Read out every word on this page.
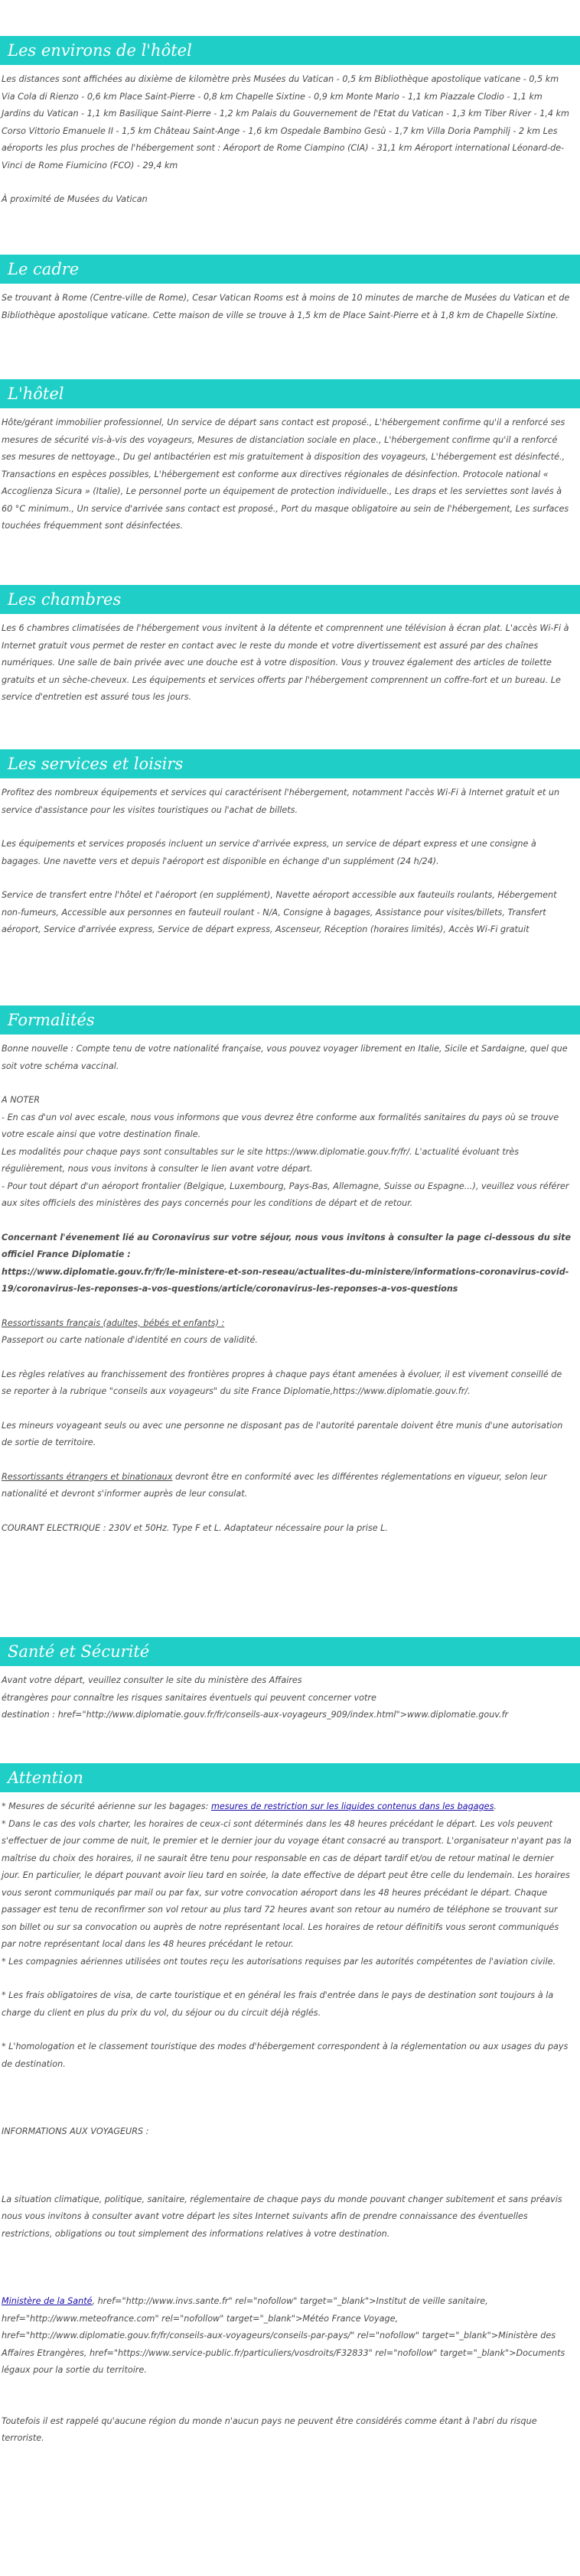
Les environs de l'hôtel

Les distances sont affichées au dixième de kilomètre près Musées du Vatican - 0,5 km Bibliothèque apostolique vaticane - 0,5 km Via Cola di Rienzo - 0,6 km Place Saint-Pierre - 0,8 km Chapelle Sixtine - 0,9 km Monte Mario - 1,1 km Piazzale Clodio - 1,1 km Jardins du Vatican - 1,1 km Basilique Saint-Pierre - 1,2 km Palais du Gouvernement de l'Etat du Vatican - 1,3 km Tiber River - 1,4 km Corso Vittorio Emanuele II - 1,5 km Château Saint-Ange - 1,6 km Ospedale Bambino Gesù - 1,7 km Villa Doria Pamphilj - 2 km Les aéroports les plus proches de l'hébergement sont : Aéroport de Rome Ciampino (CIA) - 31,1 km Aéroport international Léonard-de-Vinci de Rome Fiumicino (FCO) - 29,4 km

À proximité de Musées du Vatican

Le cadre

Se trouvant à Rome (Centre-ville de Rome), Cesar Vatican Rooms est à moins de 10 minutes de marche de Musées du Vatican et de Bibliothèque apostolique vaticane. Cette maison de ville se trouve à 1,5 km de Place Saint-Pierre et à 1,8 km de Chapelle Sixtine.

L'hôtel

Hôte/gérant immobilier professionnel, Un service de départ sans contact est proposé., L'hébergement confirme qu'il a renforcé ses mesures de sécurité vis-à-vis des voyageurs, Mesures de distanciation sociale en place., L'hébergement confirme qu'il a renforcé ses mesures de nettoyage., Du gel antibactérien est mis gratuitement à disposition des voyageurs, L'hébergement est désinfecté., Transactions en espèces possibles, L'hébergement est conforme aux directives régionales de désinfection. Protocole national « Accoglienza Sicura » (Italie), Le personnel porte un équipement de protection individuelle., Les draps et les serviettes sont lavés à 60 °C minimum., Un service d'arrivée sans contact est proposé., Port du masque obligatoire au sein de l'hébergement, Les surfaces touchées fréquemment sont désinfectées.

Les chambres

Les 6 chambres climatisées de l'hébergement vous invitent à la détente et comprennent une télévision à écran plat. L'accès Wi-Fi à Internet gratuit vous permet de rester en contact avec le reste du monde et votre divertissement est assuré par des chaînes numériques. Une salle de bain privée avec une douche est à votre disposition. Vous y trouvez également des articles de toilette gratuits et un sèche-cheveux. Les équipements et services offerts par l'hébergement comprennent un coffre-fort et un bureau. Le service d'entretien est assuré tous les jours.

Les services et loisirs

Profitez des nombreux équipements et services qui caractérisent l'hébergement, notamment l'accès Wi-Fi à Internet gratuit et un service d'assistance pour les visites touristiques ou l'achat de billets.

Les équipements et services proposés incluent un service d'arrivée express, un service de départ express et une consigne à bagages. Une navette vers et depuis l'aéroport est disponible en échange d'un supplément (24 h/24).

Service de transfert entre l'hôtel et l'aéroport (en supplément), Navette aéroport accessible aux fauteuils roulants, Hébergement non-fumeurs, Accessible aux personnes en fauteuil roulant - N/A, Consigne à bagages, Assistance pour visites/billets, Transfert aéroport, Service d'arrivée express, Service de départ express, Ascenseur, Réception (horaires limités), Accès Wi-Fi gratuit

Formalités

Bonne nouvelle : Compte tenu de votre nationalité française, vous pouvez voyager librement en Italie, Sicile et Sardaigne, quel que soit votre schéma vaccinal.

A NOTER

- En cas d'un vol avec escale, nous vous informons que vous devrez être conforme aux formalités sanitaires du pays où se trouve votre escale ainsi que votre destination finale.

Les modalités pour chaque pays sont consultables sur le site https://www.diplomatie.gouv.fr/fr/. L'actualité évoluant très régulièrement, nous vous invitons à consulter le lien avant votre départ.

- Pour tout départ d'un aéroport frontalier (Belgique, Luxembourg, Pays-Bas, Allemagne, Suisse ou Espagne...), veuillez vous référer aux sites officiels des ministères des pays concernés pour les conditions de départ et de retour.

Concernant l'évenement lié au Coronavirus sur votre séjour, nous vous invitons à consulter la page ci-dessous du site officiel France Diplomatie :

https://www.diplomatie.gouv.fr/fr/le-ministere-et-son-reseau/actualites-du-ministere/informations-coronavirus-covid-19/coronavirus-les-reponses-a-vos-questions/article/coronavirus-les-reponses-a-vos-questions

Ressortissants français (adultes, bébés et enfants) :

Passeport ou carte nationale d'identité en cours de validité.

Les règles relatives au franchissement des frontières propres à chaque pays étant amenées à évoluer, il est vivement conseillé de se reporter à la rubrique "conseils aux voyageurs" du site France Diplomatie,https://www.diplomatie.gouv.fr/.

Les mineurs voyageant seuls ou avec une personne ne disposant pas de l'autorité parentale doivent être munis d'une autorisation de sortie de territoire.

Ressortissants étrangers et binationaux devront être en conformité avec les différentes réglementations en vigueur, selon leur nationalité et devront s'informer auprès de leur consulat.

COURANT ELECTRIQUE : 230V et 50Hz. Type F et L. Adaptateur nécessaire pour la prise L.

Santé et Sécurité

Avant votre départ, veuillez consulter le site du ministère des Affaires

étrangères pour connaître les risques sanitaires éventuels qui peuvent concerner votre

destination : href="http://www.diplomatie.gouv.fr/fr/conseils-aux-voyageurs_909/index.html">www.diplomatie.gouv.fr

Attention

* Mesures de sécurité aérienne sur les bagages: mesures de restriction sur les liquides contenus dans les bagages.

* Dans le cas des vols charter, les horaires de ceux-ci sont déterminés dans les 48 heures précédant le départ. Les vols peuvent s'effectuer de jour comme de nuit, le premier et le dernier jour du voyage étant consacré au transport. L'organisateur n'ayant pas la maîtrise du choix des horaires, il ne saurait être tenu pour responsable en cas de départ tardif et/ou de retour matinal le dernier jour. En particulier, le départ pouvant avoir lieu tard en soirée, la date effective de départ peut être celle du lendemain. Les horaires vous seront communiqués par mail ou par fax, sur votre convocation aéroport dans les 48 heures précédant le départ. Chaque passager est tenu de reconfirmer son vol retour au plus tard 72 heures avant son retour au numéro de téléphone se trouvant sur son billet ou sur sa convocation ou auprès de notre représentant local. Les horaires de retour définitifs vous seront communiqués par notre représentant local dans les 48 heures précédant le retour.

* Les compagnies aériennes utilisées ont toutes reçu les autorisations requises par les autorités compétentes de l'aviation civile.

* Les frais obligatoires de visa, de carte touristique et en général les frais d'entrée dans le pays de destination sont toujours à la charge du client en plus du prix du vol, du séjour ou du circuit déjà réglés.

* L'homologation et le classement touristique des modes d'hébergement correspondent à la réglementation ou aux usages du pays de destination.

INFORMATIONS AUX VOYAGEURS :

La situation climatique, politique, sanitaire, réglementaire de chaque pays du monde pouvant changer subitement et sans préavis

nous vous invitons à consulter avant votre départ les sites Internet suivants afin de prendre connaissance des éventuelles restrictions, obligations ou tout simplement des informations relatives à votre destination.

Ministère de la Santé, href="http://www.invs.sante.fr" rel="nofollow" target="_blank">Institut de veille sanitaire, href="http://www.meteofrance.com" rel="nofollow" target="_blank">Météo France Voyage, href="http://www.diplomatie.gouv.fr/fr/conseils-aux-voyageurs/conseils-par-pays/" rel="nofollow" target="_blank">Ministère des Affaires Etrangères, href="https://www.service-public.fr/particuliers/vosdroits/F32833" rel="nofollow" target="_blank">Documents légaux pour la sortie du territoire.

Toutefois il est rappelé qu'aucune région du monde n'aucun pays ne peuvent être considérés comme étant à l'abri du risque terroriste.
